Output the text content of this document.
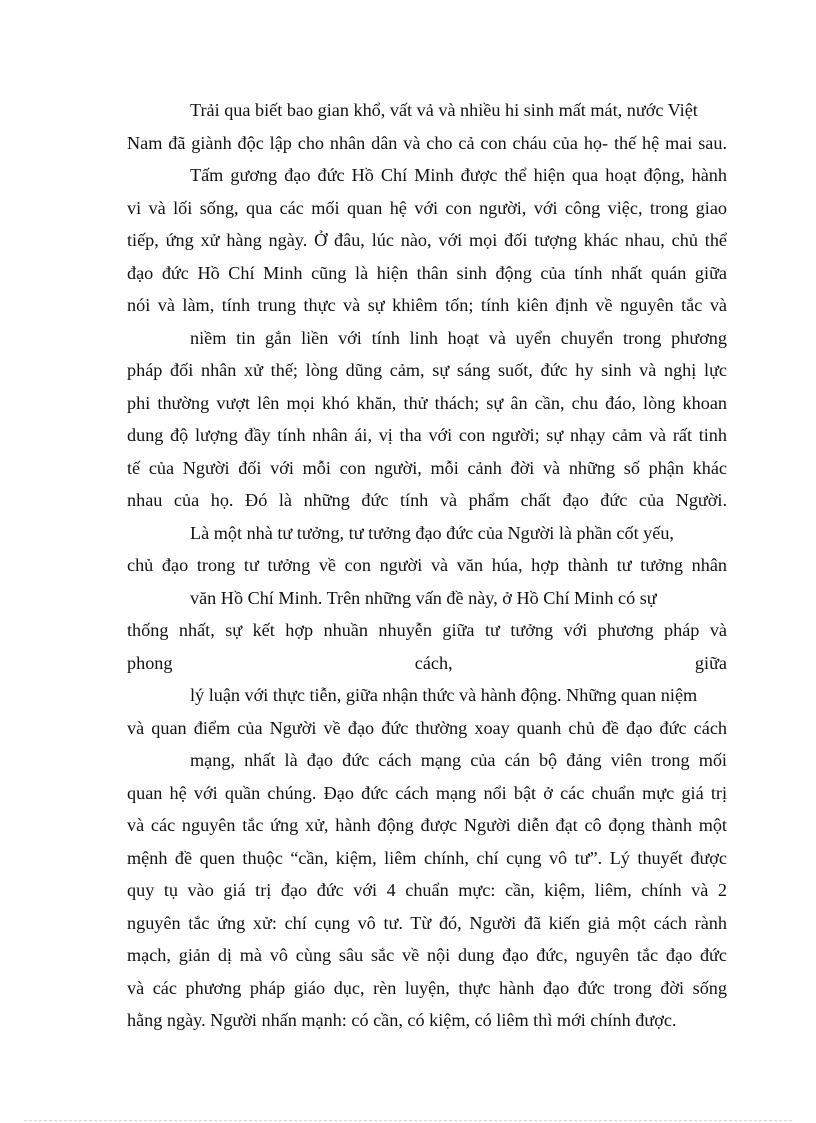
Trải qua biết bao gian khổ, vất vả và nhiều hi sinh mất mát, nước Việt
Nam đã giành độc lập cho nhân dân và cho cả con cháu của họ- thế hệ mai sau.
Tấm gương đạo đức Hồ Chí Minh được thể hiện qua hoạt động, hành
vi và lối sống, qua các mối quan hệ với con người, với công việc, trong giao
tiếp, ứng xử hàng ngày. Ở đâu, lúc nào, với mọi đối tượng khác nhau, chủ thể
đạo đức Hồ Chí Minh cũng là hiện thân sinh động của tính nhất quán giữa
nói và làm, tính trung thực và sự khiêm tốn; tính kiên định về nguyên tắc và
niềm tin gắn liền với tính linh hoạt và uyển chuyển trong phương
pháp đối nhân xử thế; lòng dũng cảm, sự sáng suốt, đức hy sinh và nghị lực
phi thường vượt lên mọi khó khăn, thử thách; sự ân cần, chu đáo, lòng khoan
dung độ lượng đầy tính nhân ái, vị tha với con người; sự nhạy cảm và rất tinh
tế của Người đối với mỗi con người, mỗi cảnh đời và những số phận khác
nhau của họ. Đó là những đức tính và phẩm chất đạo đức của Người.
Là một nhà tư tưởng, tư tưởng đạo đức của Người là phần cốt yếu,
chủ đạo trong tư tưởng về con người và văn húa, hợp thành tư tưởng nhân
văn Hồ Chí Minh. Trên những vấn đề này, ở Hồ Chí Minh có sự
thống nhất, sự kết hợp nhuần nhuyễn giữa tư tưởng với phương pháp và
phong cách, giữa
lý luận với thực tiễn, giữa nhận thức và hành động. Những quan niệm
và quan điểm của Người về đạo đức thường xoay quanh chủ đề đạo đức cách
mạng, nhất là đạo đức cách mạng của cán bộ đảng viên trong mối
quan hệ với quần chúng. Đạo đức cách mạng nổi bật ở các chuẩn mực giá trị
và các nguyên tắc ứng xử, hành động được Người diễn đạt cô đọng thành một
mệnh đề quen thuộc “cần, kiệm, liêm chính, chí cụng vô tư”. Lý thuyết được
quy tụ vào giá trị đạo đức với 4 chuẩn mực: cần, kiệm, liêm, chính và 2
nguyên tắc ứng xử: chí cụng vô tư. Từ đó, Người đã kiến giả một cách rành
mạch, giản dị mà vô cùng sâu sắc về nội dung đạo đức, nguyên tắc đạo đức
và các phương pháp giáo dục, rèn luyện, thực hành đạo đức trong đời sống
hằng ngày. Người nhấn mạnh: có cần, có kiệm, có liêm thì mới chính được.
